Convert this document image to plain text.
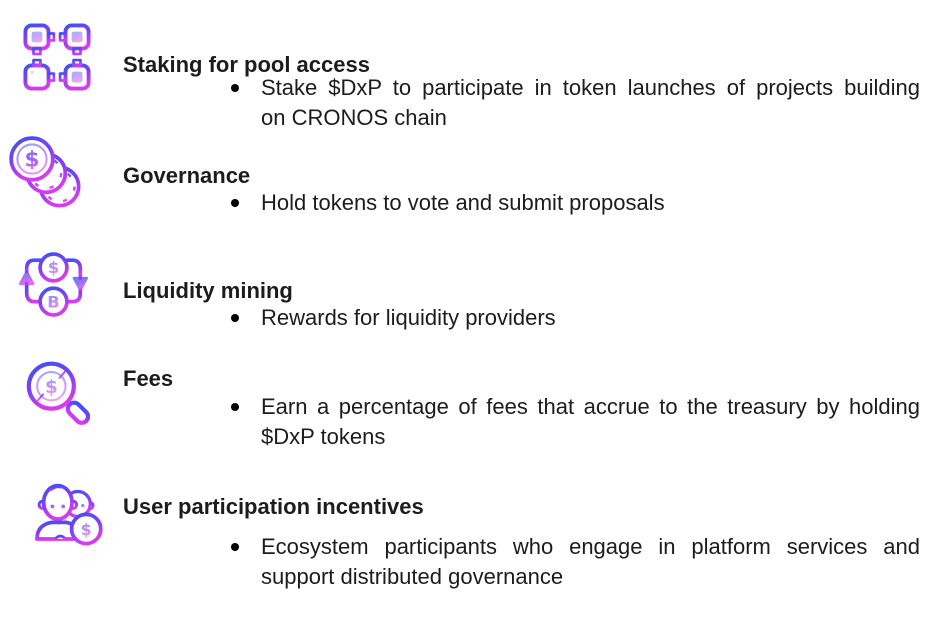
Staking for pool access
Stake $DxP to participate in token launches of projects building
on CRONOS chain
$
Governance
Hold tokens to vote and submit proposals
$
B	Liquidity mining
Rewards for liquidity providers
$	Fees
Earn a percentage of fees that accrue to the treasury by holding
$DxP tokens
$
User participation incentives
Ecosystem participants who engage in platform services and
support distributed governance
